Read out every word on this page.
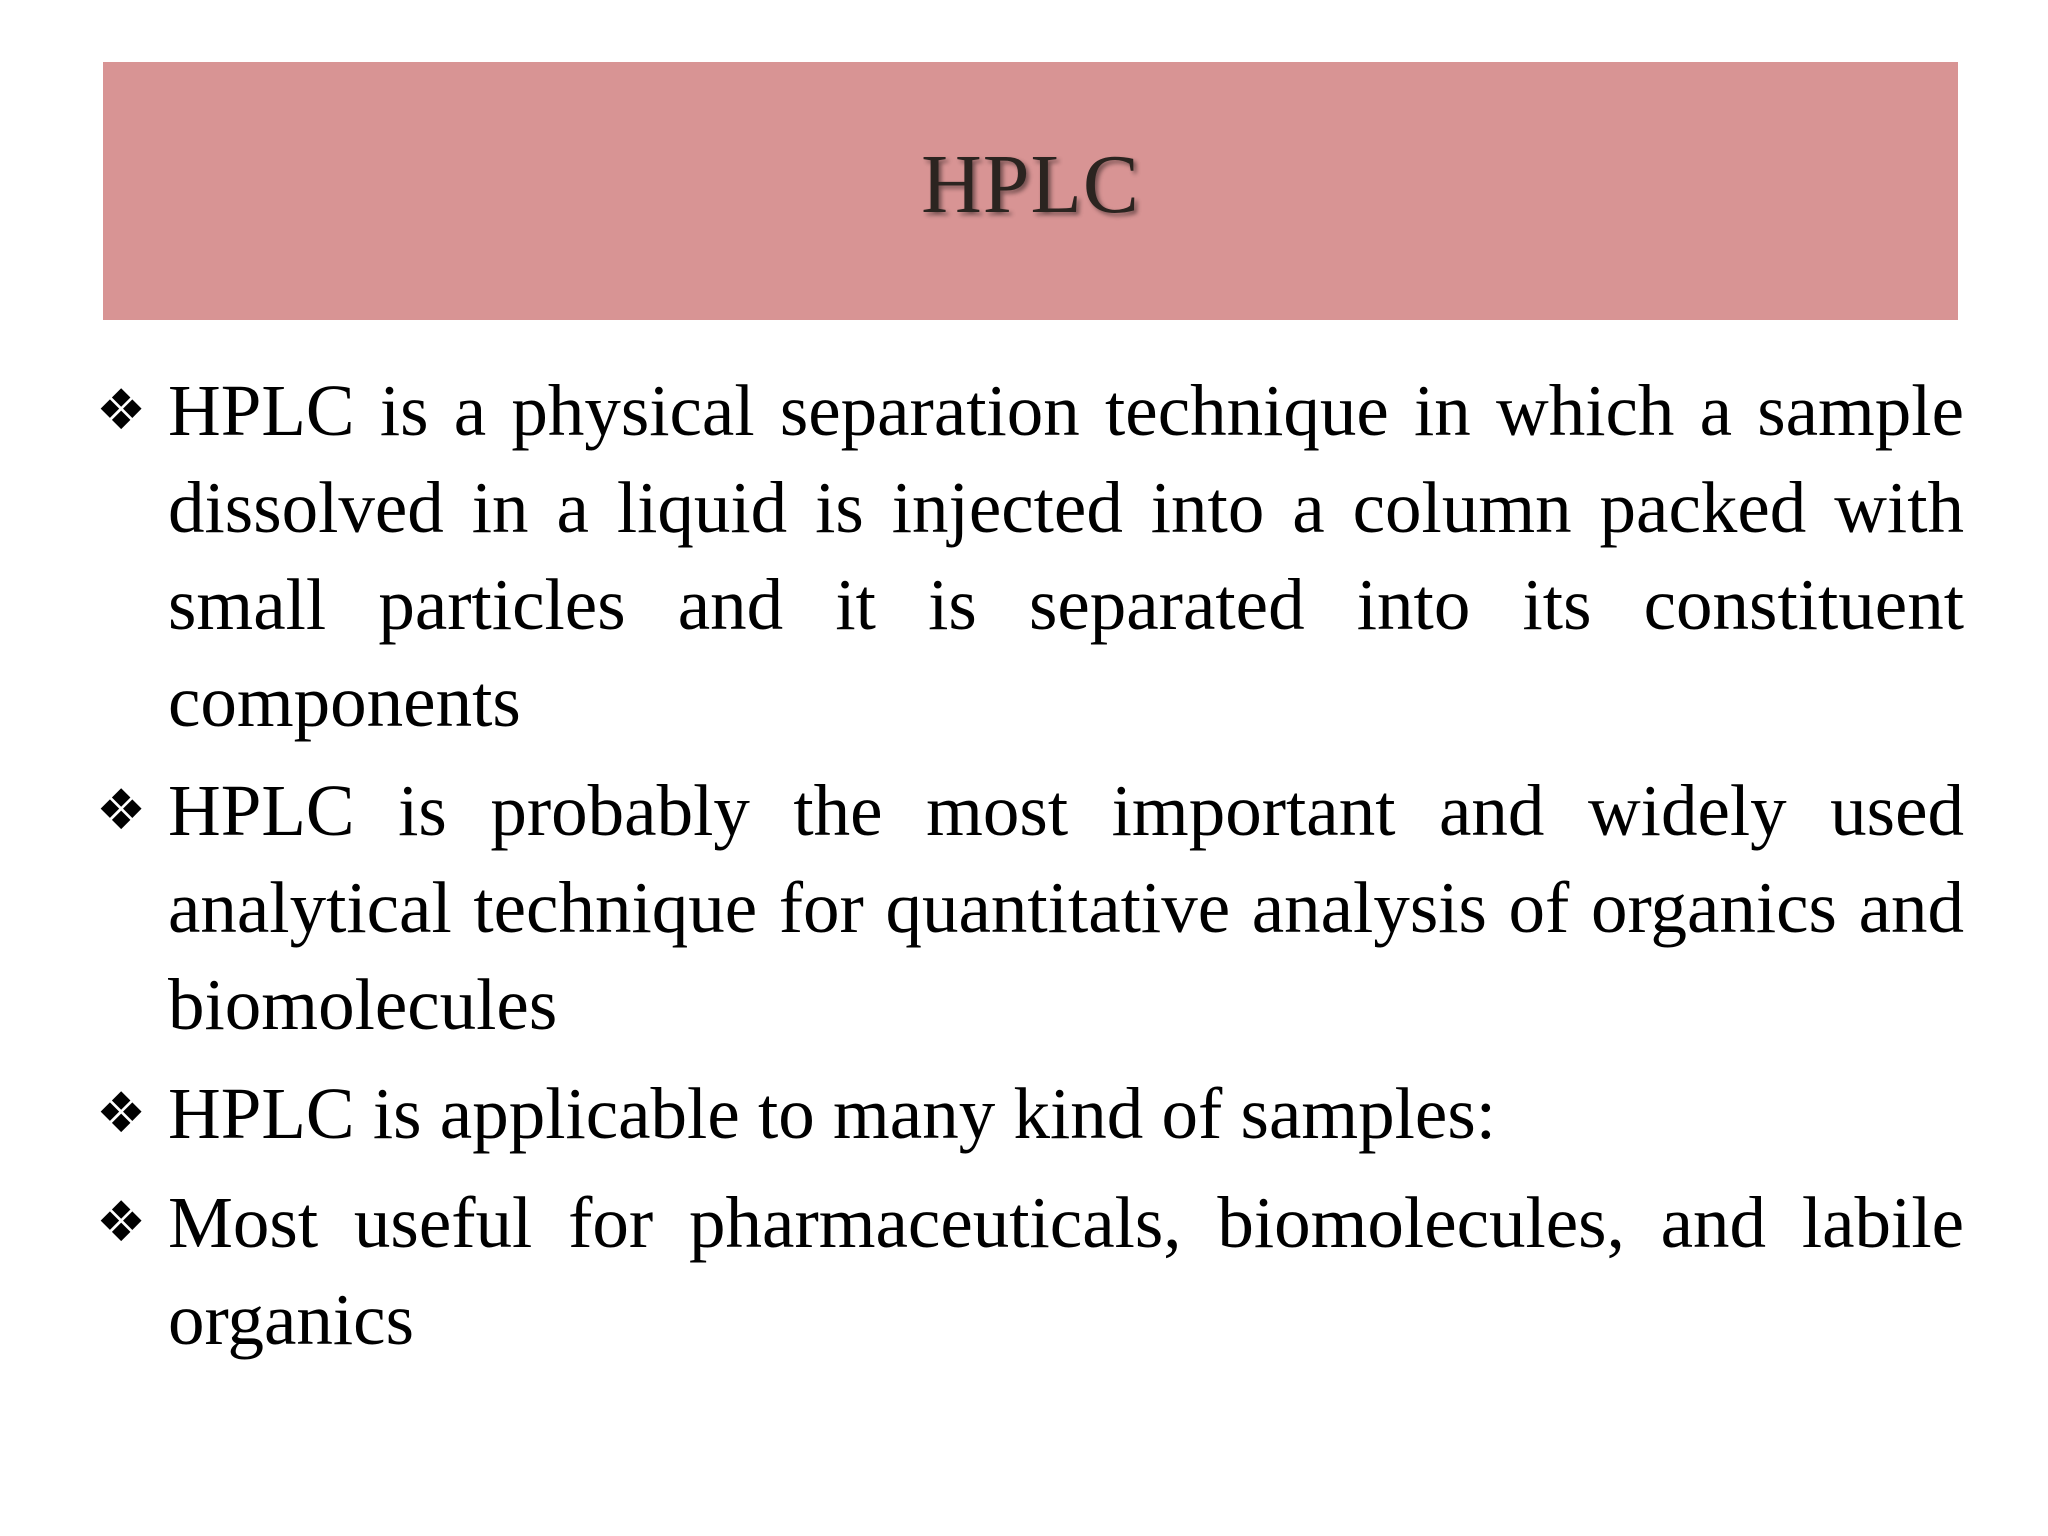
HPLC
❖ HPLC is a physical separation technique in which a sample dissolved in a liquid is injected into a column packed with small particles and it is separated into its constituent components
❖ HPLC is probably the most important and widely used analytical technique for quantitative analysis of organics and biomolecules
❖ HPLC is applicable to many kind of samples:
❖ Most useful for pharmaceuticals, biomolecules, and labile organics
